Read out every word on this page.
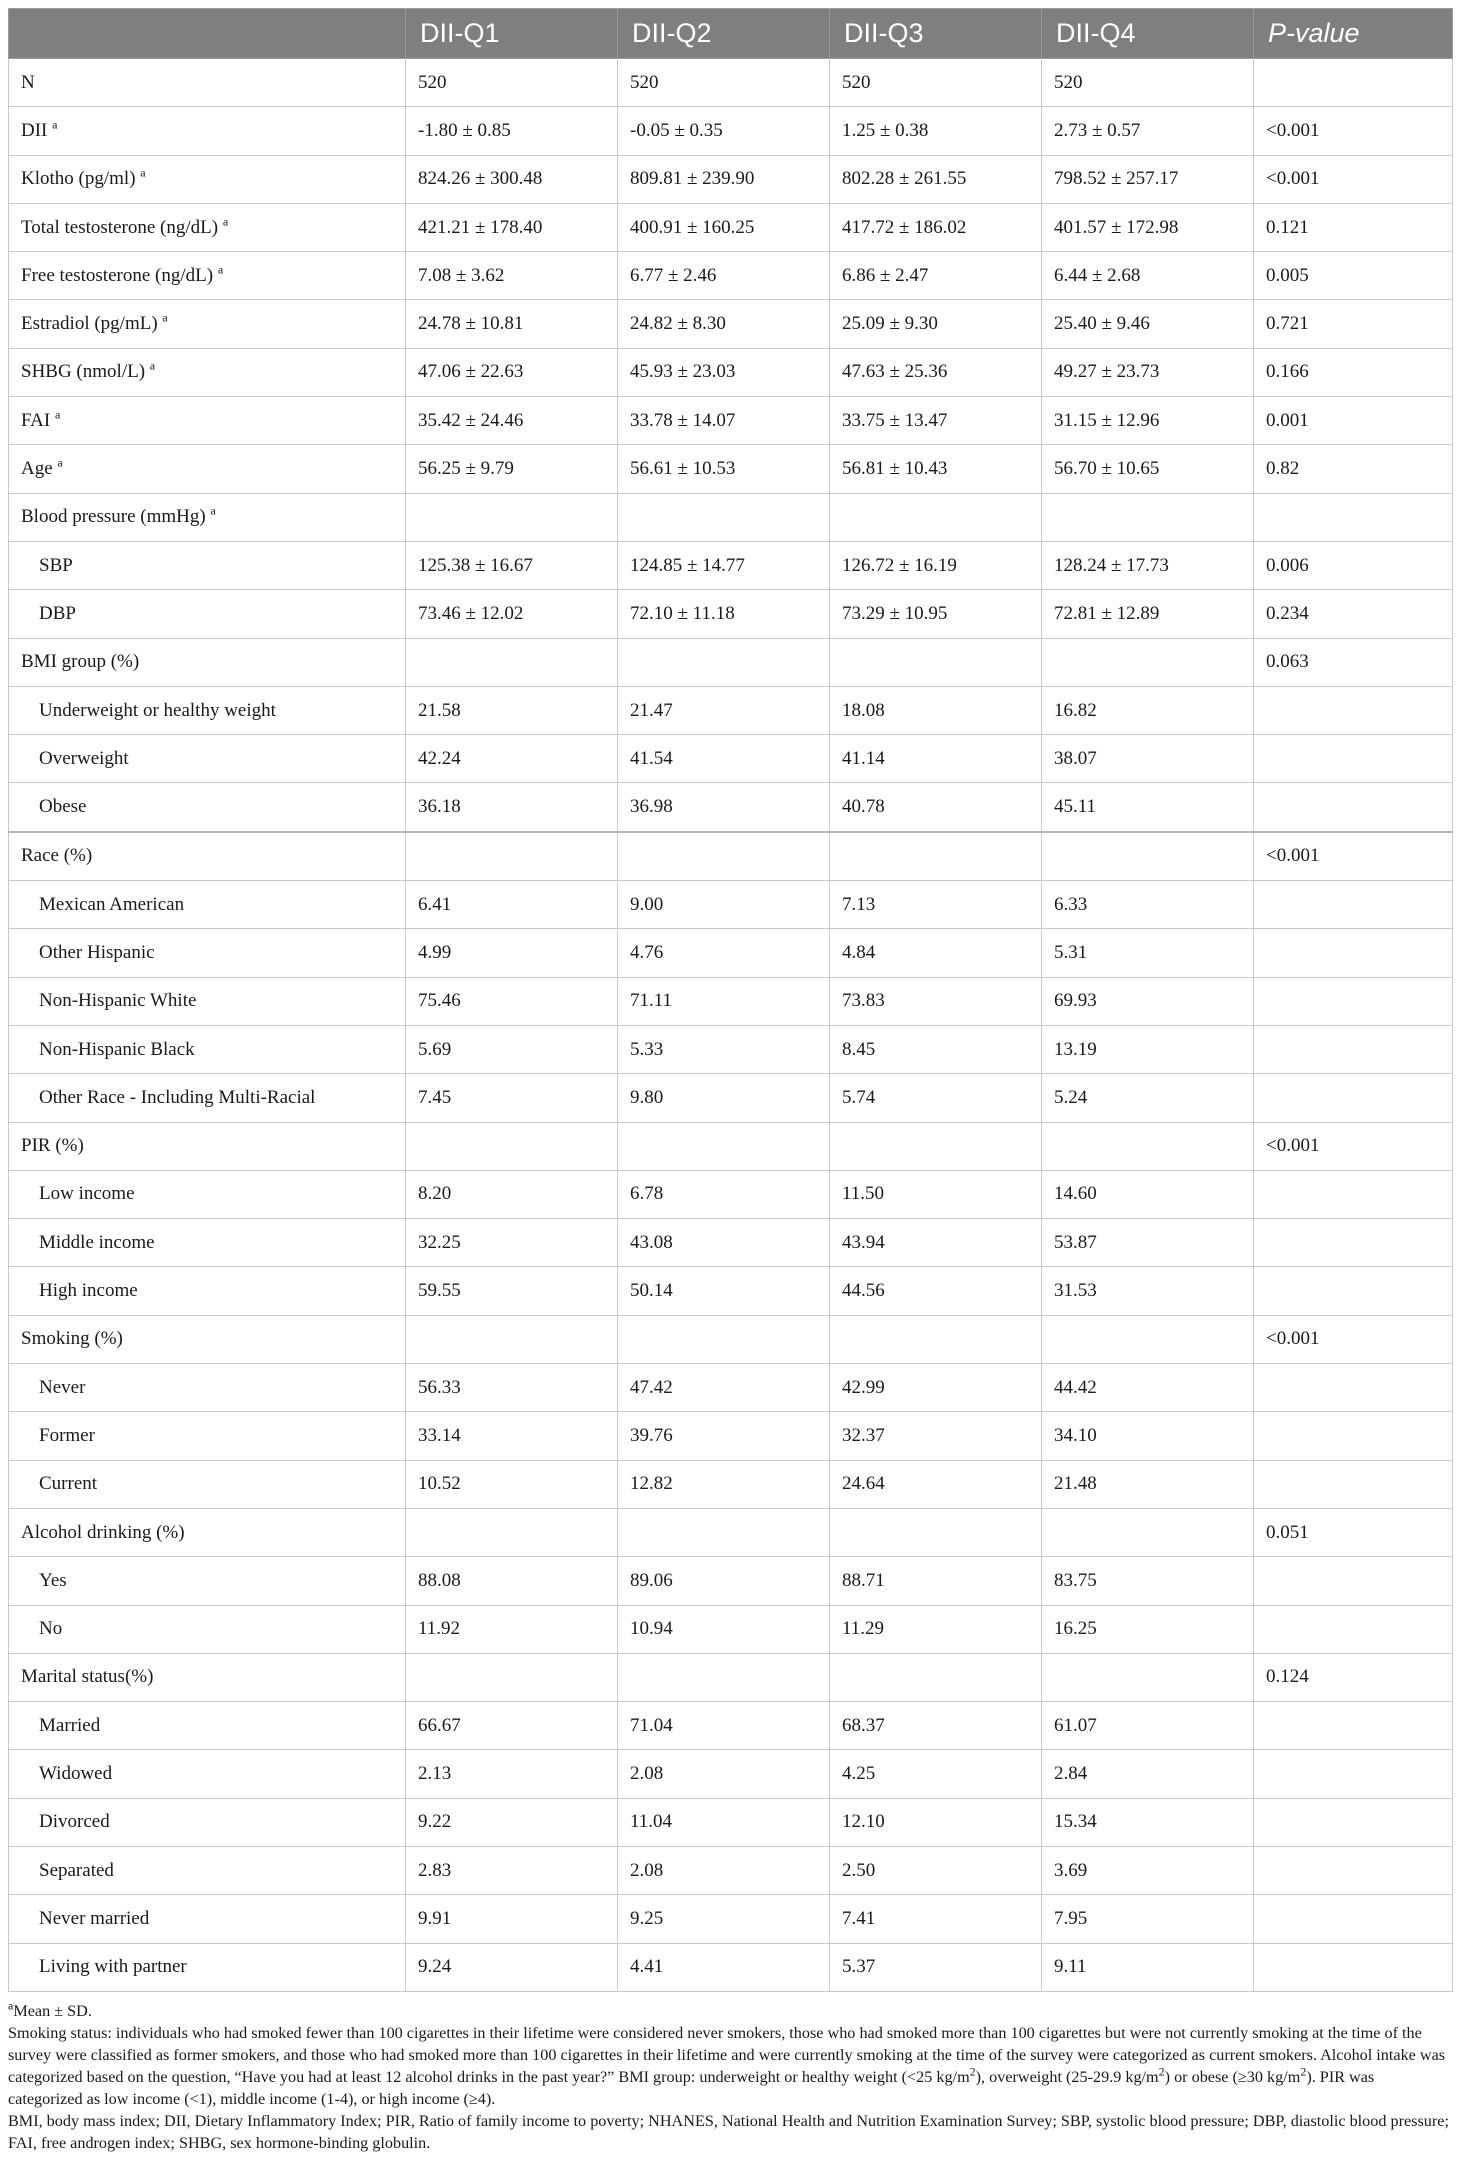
	DII-Q1	DII-Q2	DII-Q3	DII-Q4	P-value
N	520	520	520	520	
DII $^a$	-1.80 ± 0.85	-0.05 ± 0.35	1.25 ± 0.38	2.73 ± 0.57	<0.001
Klotho (pg/ml) $^a$	824.26 ± 300.48	809.81 ± 239.90	802.28 ± 261.55	798.52 ± 257.17	<0.001
Total testosterone (ng/dL) $^a$	421.21 ± 178.40	400.91 ± 160.25	417.72 ± 186.02	401.57 ± 172.98	0.121
Free testosterone (ng/dL) $^a$	7.08 ± 3.62	6.77 ± 2.46	6.86 ± 2.47	6.44 ± 2.68	0.005
Estradiol (pg/mL) $^a$	24.78 ± 10.81	24.82 ± 8.30	25.09 ± 9.30	25.40 ± 9.46	0.721
SHBG (nmol/L) $^a$	47.06 ± 22.63	45.93 ± 23.03	47.63 ± 25.36	49.27 ± 23.73	0.166
FAI $^a$	35.42 ± 24.46	33.78 ± 14.07	33.75 ± 13.47	31.15 ± 12.96	0.001
Age $^a$	56.25 ± 9.79	56.61 ± 10.53	56.81 ± 10.43	56.70 ± 10.65	0.82
Blood pressure (mmHg) $^a$					
SBP	125.38 ± 16.67	124.85 ± 14.77	126.72 ± 16.19	128.24 ± 17.73	0.006
DBP	73.46 ± 12.02	72.10 ± 11.18	73.29 ± 10.95	72.81 ± 12.89	0.234
BMI group (%)					0.063
Underweight or healthy weight	21.58	21.47	18.08	16.82	
Overweight	42.24	41.54	41.14	38.07	
Obese	36.18	36.98	40.78	45.11	
Race (%)					<0.001
Mexican American	6.41	9.00	7.13	6.33	
Other Hispanic	4.99	4.76	4.84	5.31	
Non-Hispanic White	75.46	71.11	73.83	69.93	
Non-Hispanic Black	5.69	5.33	8.45	13.19	
Other Race - Including Multi-Racial	7.45	9.80	5.74	5.24	
PIR (%)					<0.001
Low income	8.20	6.78	11.50	14.60	
Middle income	32.25	43.08	43.94	53.87	
High income	59.55	50.14	44.56	31.53	
Smoking (%)					<0.001
Never	56.33	47.42	42.99	44.42	
Former	33.14	39.76	32.37	34.10	
Current	10.52	12.82	24.64	21.48	
Alcohol drinking (%)					0.051
Yes	88.08	89.06	88.71	83.75	
No	11.92	10.94	11.29	16.25	
Marital status(%)					0.124
Married	66.67	71.04	68.37	61.07	
Widowed	2.13	2.08	4.25	2.84	
Divorced	9.22	11.04	12.10	15.34	
Separated	2.83	2.08	2.50	3.69	
Never married	9.91	9.25	7.41	7.95	
Living with partner	9.24	4.41	5.37	9.11	

$^a$Mean ± SD.

Smoking status: individuals who had smoked fewer than 100 cigarettes in their lifetime were considered never smokers, those who had smoked more than 100 cigarettes but were not currently smoking at the time of the survey were classified as former smokers, and those who had smoked more than 100 cigarettes in their lifetime and were currently smoking at the time of the survey were categorized as current smokers. Alcohol intake was categorized based on the question, “Have you had at least 12 alcohol drinks in the past year?” BMI group: underweight or healthy weight (<25 $kg/m^2$), overweight (25-29.9 $kg/m^2$) or obese (≥30 $kg/m^2$). PIR was categorized as low income (<1), middle income (1-4), or high income (≥4).

BMI, body mass index; DII, Dietary Inflammatory Index; PIR, Ratio of family income to poverty; NHANES, National Health and Nutrition Examination Survey; SBP, systolic blood pressure; DBP, diastolic blood pressure; FAI, free androgen index; SHBG, sex hormone-binding globulin.
